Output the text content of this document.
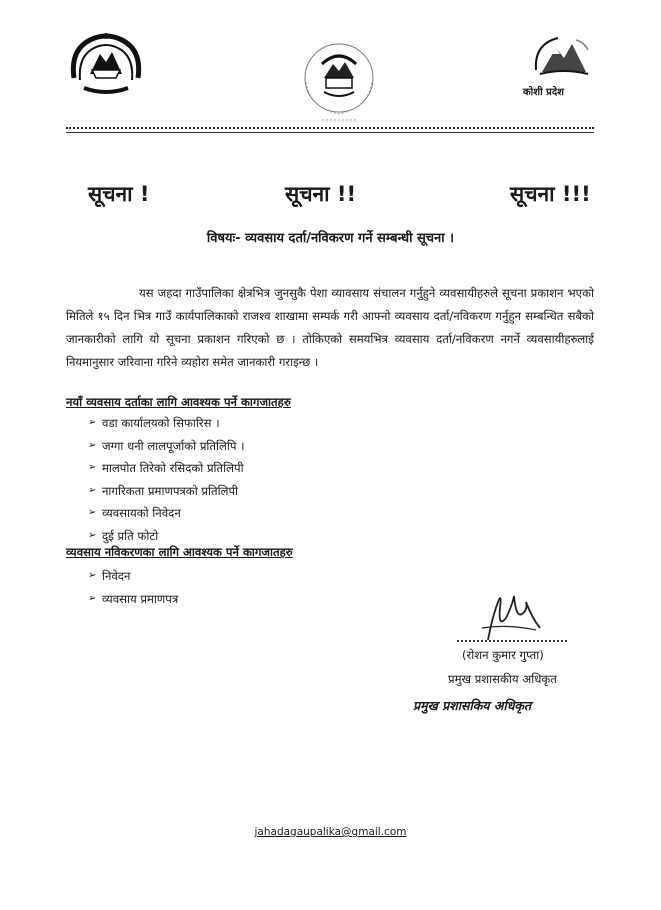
कोशी प्रदेश
सूचना !	सूचना !!	सूचना !!!
विषयः- व्यवसाय दर्ता/नविकरण गर्ने सम्बन्धी सूचना ।
यस जहदा गाउँपालिका क्षेत्रभित्र जुनसुकै पेशा व्यावसाय संचालन गर्नुहुने व्यवसायीहरुले सूचना प्रकाशन भएको मितिले १५ दिन भित्र गाउँ कार्यपालिकाको राजश्व शाखामा सम्पर्क गरी आफ्नो व्यवसाय दर्ता/नविकरण गर्नुहुन सम्बन्धित सबैको जानकारीको लागि यो सूचना प्रकाशन गरिएको छ । तोकिएको समयभित्र व्यवसाय दर्ता/नविकरण नगर्ने व्यवसायीहरुलाई नियमानुसार जरिवाना गरिने व्यहोरा समेत जानकारी गराइन्छ ।
नयाँ व्यवसाय दर्ताका लागि आवश्यक पर्ने कागजातहरु
➢ वडा कार्यालयको सिफारिस ।
➢ जग्गा धनी लालपूर्जाको प्रतिलिपि ।
➢ मालपोत तिरेको रसिदको प्रतिलिपी
➢ नागरिकता प्रमाणपत्रको प्रतिलिपी
➢ व्यवसायको निवेदन
➢ दुई प्रति फोटो
व्यवसाय नविकरणका लागि आवश्यक पर्ने कागजातहरु
➢ निवेदन
➢ व्यवसाय प्रमाणपत्र
(रोशन कुमार गुप्ता)
प्रमुख प्रशासकीय अधिकृत
प्रमुख प्रशासकिय अधिकृत
jahadagaupalika@gmail.com
